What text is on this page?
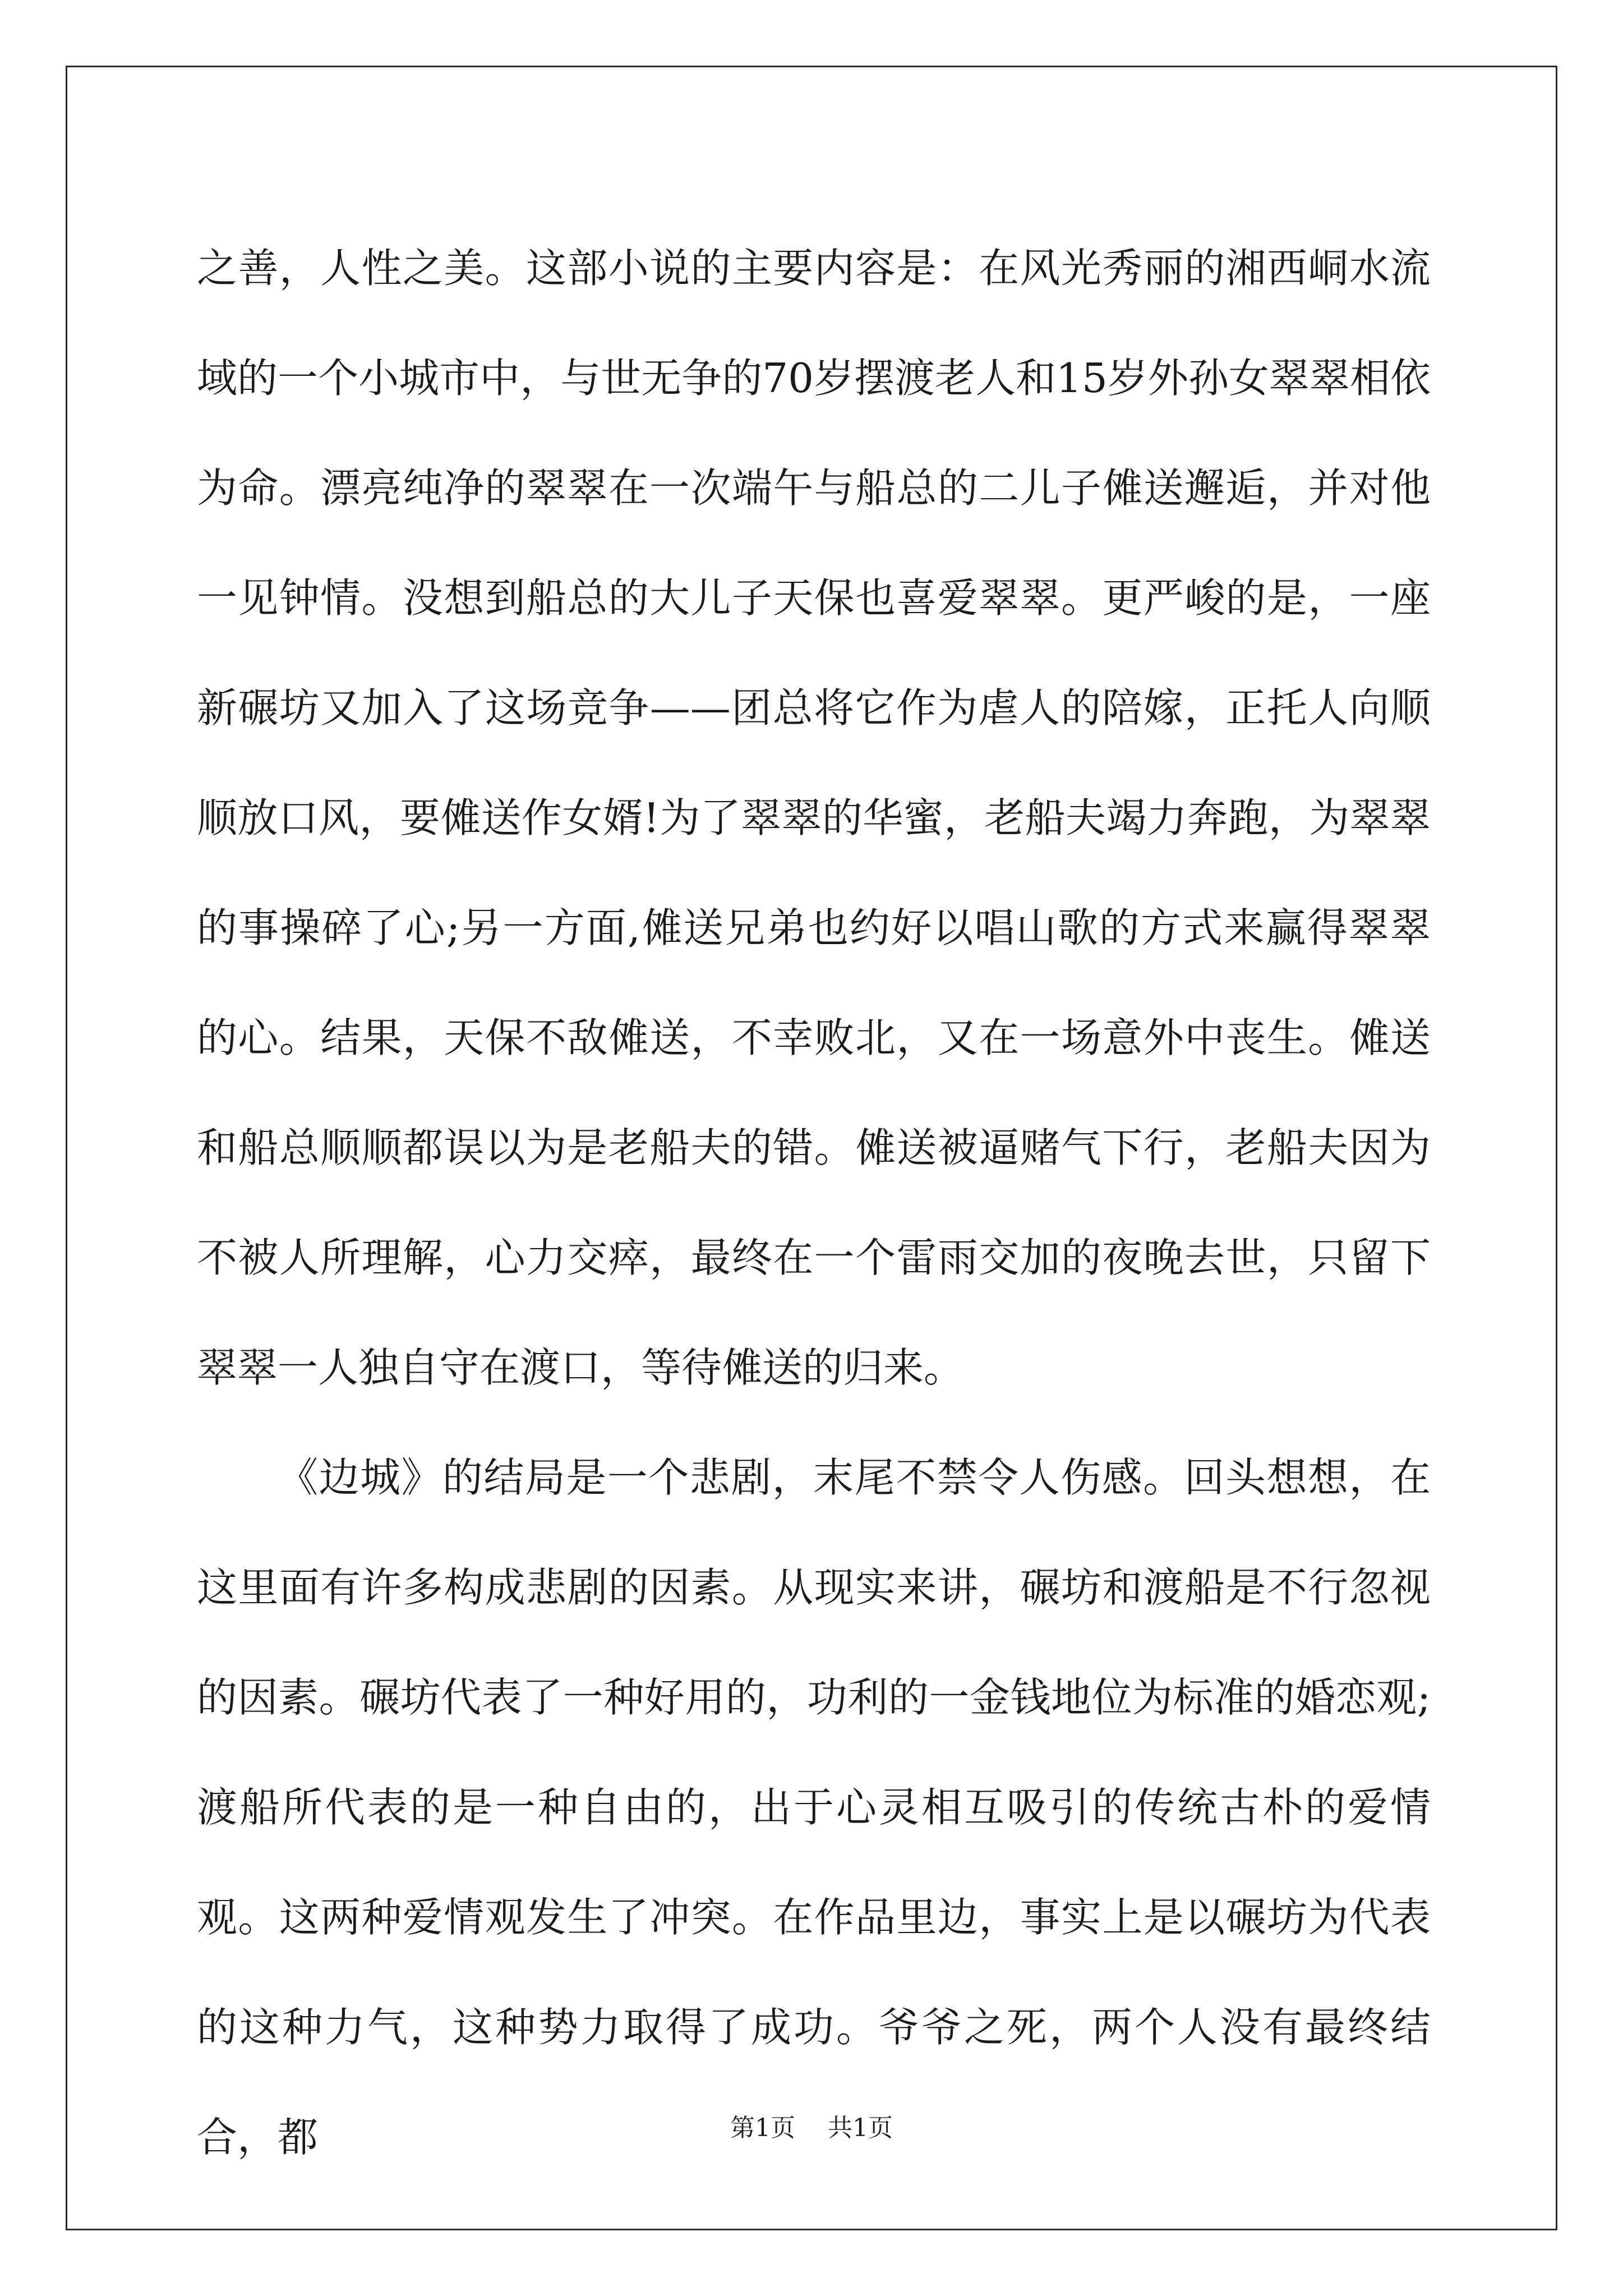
之善，人性之美。这部小说的主要内容是：在风光秀丽的湘西峒水流域的一个小城市中，与世无争的70岁摆渡老人和15岁外孙女翠翠相依为命。漂亮纯净的翠翠在一次端午与船总的二儿子傩送邂逅，并对他一见钟情。没想到船总的大儿子天保也喜爱翠翠。更严峻的是，一座新碾坊又加入了这场竞争——团总将它作为虐人的陪嫁，正托人向顺顺放口风，要傩送作女婿!为了翠翠的华蜜，老船夫竭力奔跑，为翠翠的事操碎了心;另一方面,傩送兄弟也约好以唱山歌的方式来赢得翠翠的心。结果，天保不敌傩送，不幸败北，又在一场意外中丧生。傩送和船总顺顺都误以为是老船夫的错。傩送被逼赌气下行，老船夫因为不被人所理解，心力交瘁，最终在一个雷雨交加的夜晚去世，只留下翠翠一人独自守在渡口，等待傩送的归来。

《边城》的结局是一个悲剧，末尾不禁令人伤感。回头想想，在这里面有许多构成悲剧的因素。从现实来讲，碾坊和渡船是不行忽视的因素。碾坊代表了一种好用的，功利的一金钱地位为标准的婚恋观;渡船所代表的是一种自由的，出于心灵相互吸引的传统古朴的爱情观。这两种爱情观发生了冲突。在作品里边，事实上是以碾坊为代表的这种力气，这种势力取得了成功。爷爷之死，两个人没有最终结合，都	第1页 共1页
